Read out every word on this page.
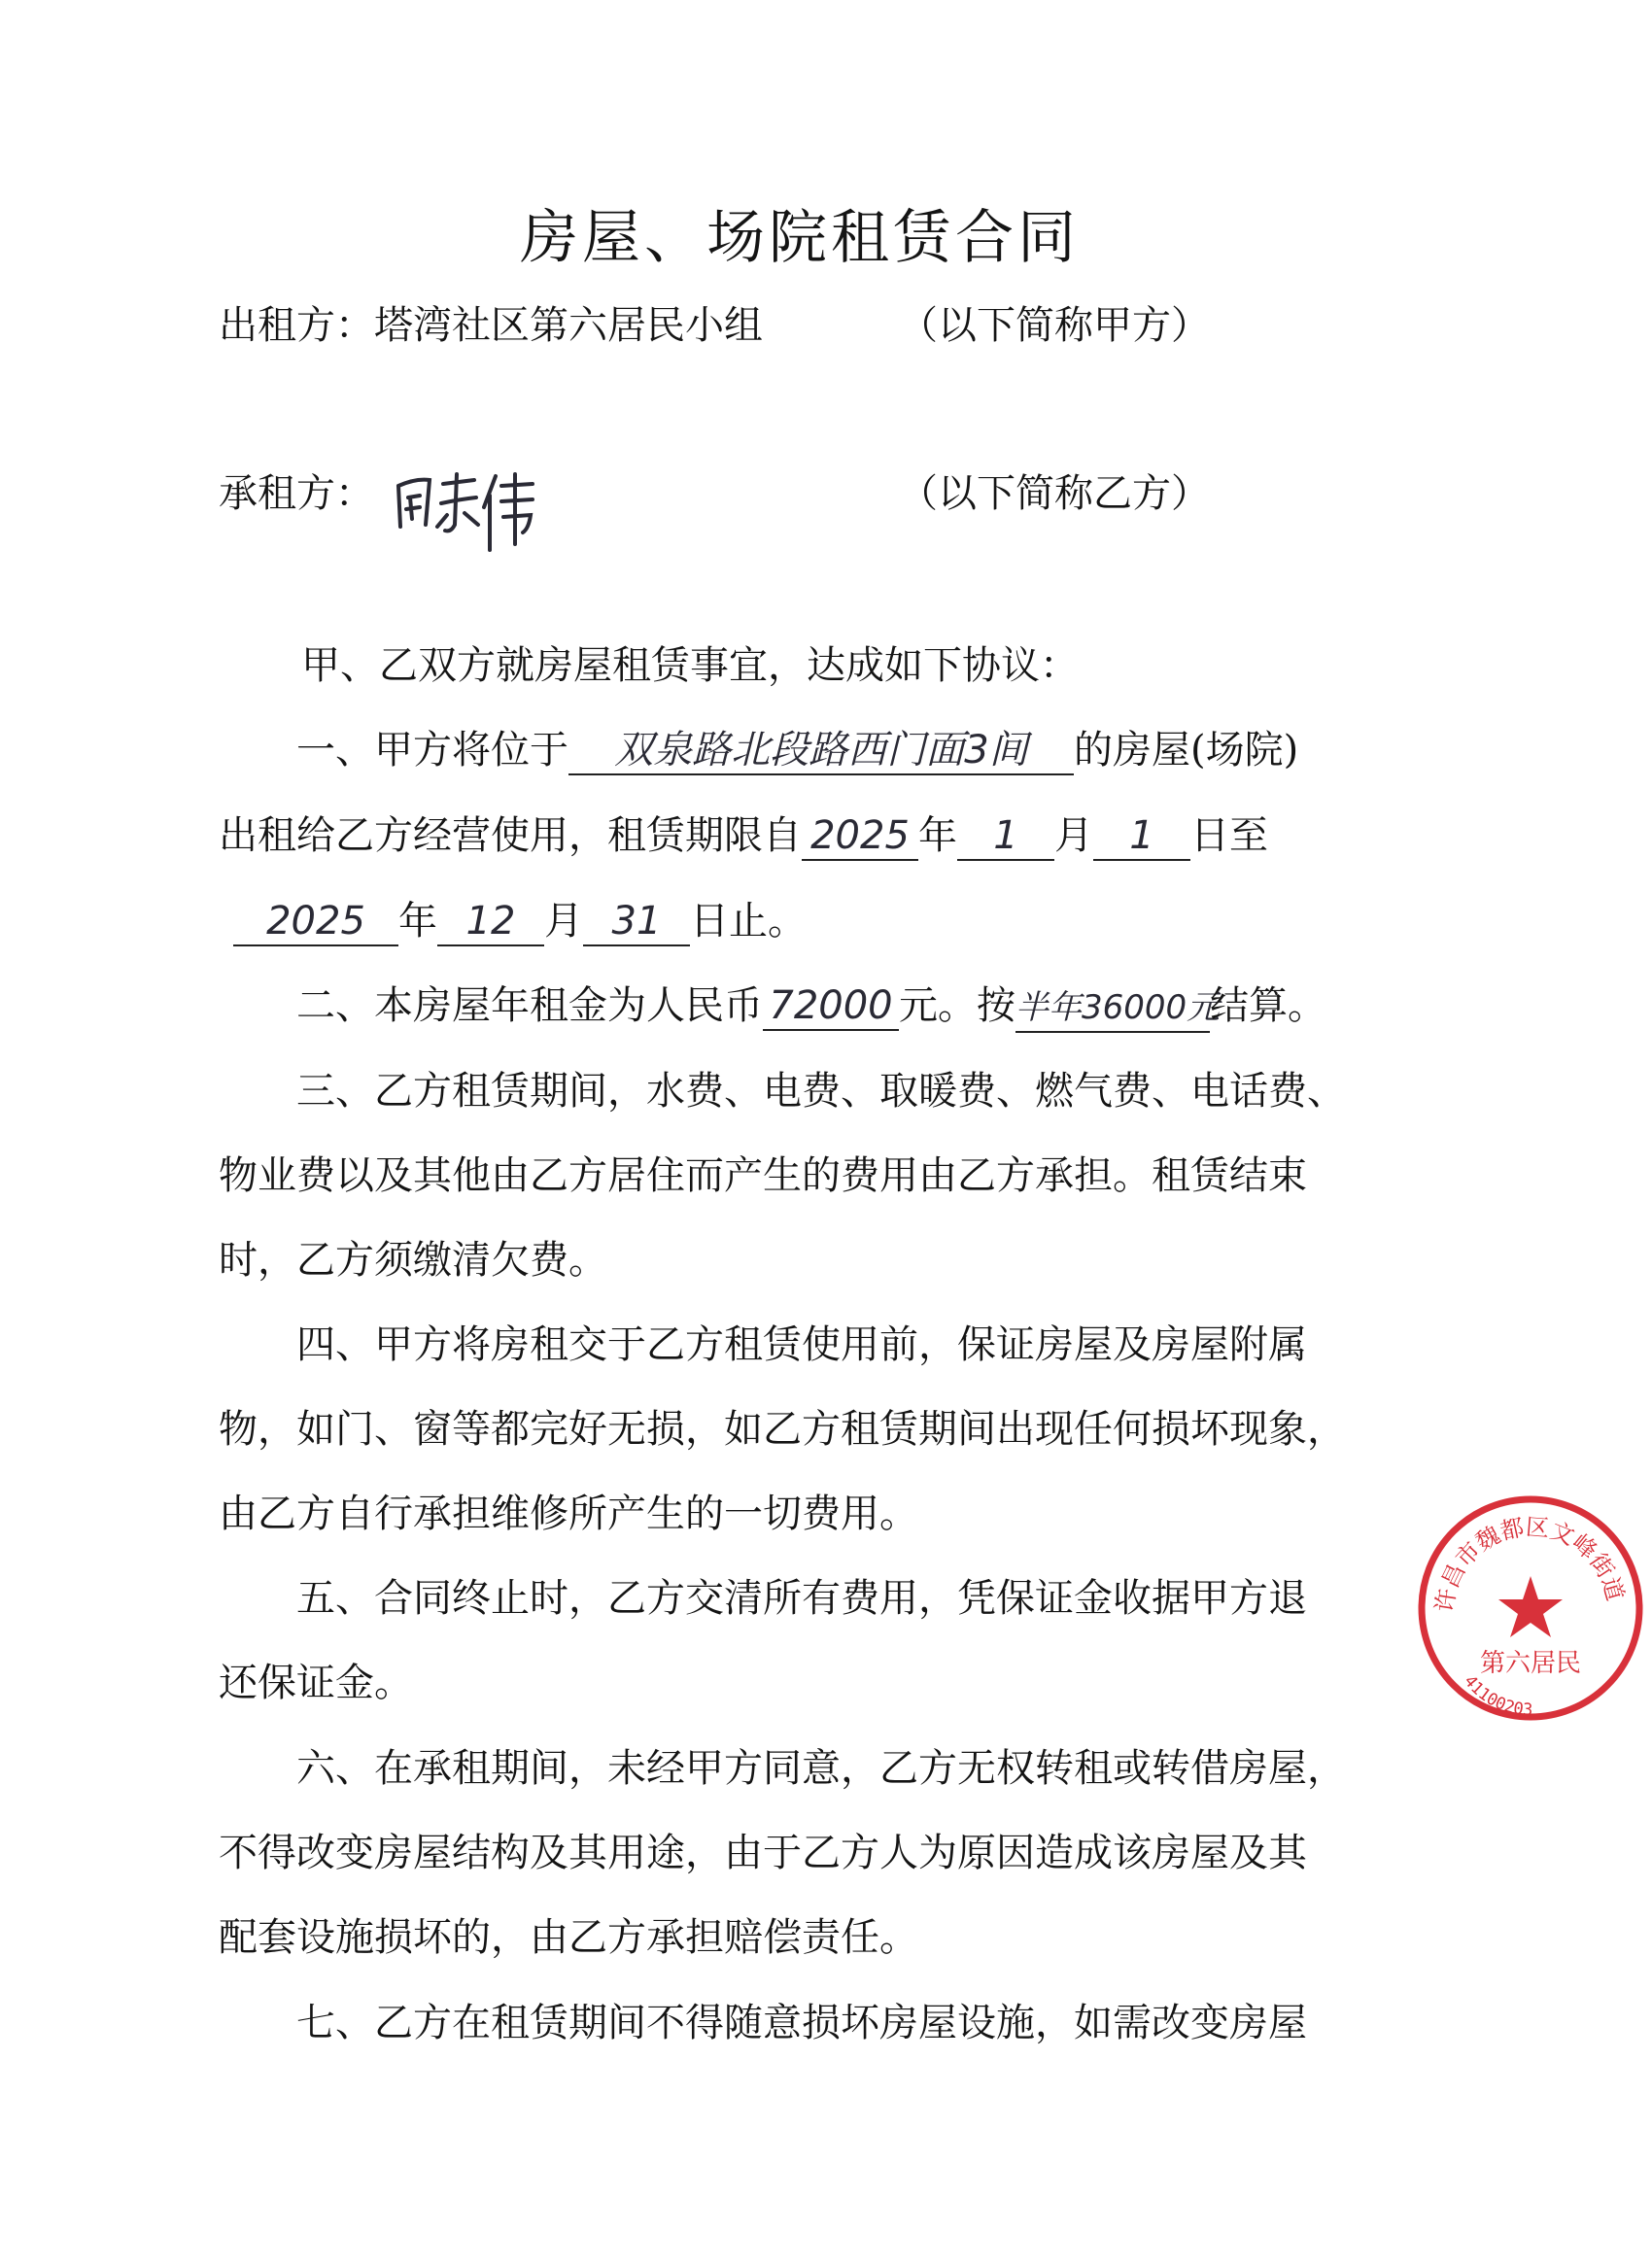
房屋、场院租赁合同
出租方：塔湾社区第六居民小组	（以下简称甲方）
承租方：	（以下简称乙方）
甲、乙双方就房屋租赁事宜，达成如下协议：
一、甲方将位于 双泉路北段路西门面3间 的房屋(场院)
出租给乙方经营使用，租赁期限自 2025 年 1 月 1 日至
2025 年 12 月 31 日止。
二、本房屋年租金为人民币 72000 元。按半年36000元结算。
三、乙方租赁期间，水费、电费、取暖费、燃气费、电话费、
物业费以及其他由乙方居住而产生的费用由乙方承担。租赁结束
时，乙方须缴清欠费。
四、甲方将房租交于乙方租赁使用前，保证房屋及房屋附属
物，如门、窗等都完好无损，如乙方租赁期间出现任何损坏现象，
由乙方自行承担维修所产生的一切费用。
五、合同终止时，乙方交清所有费用，凭保证金收据甲方退
还保证金。
六、在承租期间，未经甲方同意，乙方无权转租或转借房屋，
不得改变房屋结构及其用途，由于乙方人为原因造成该房屋及其
配套设施损坏的，由乙方承担赔偿责任。
七、乙方在租赁期间不得随意损坏房屋设施，如需改变房屋
许昌市魏都区文峰街道
第六居民
41100203
